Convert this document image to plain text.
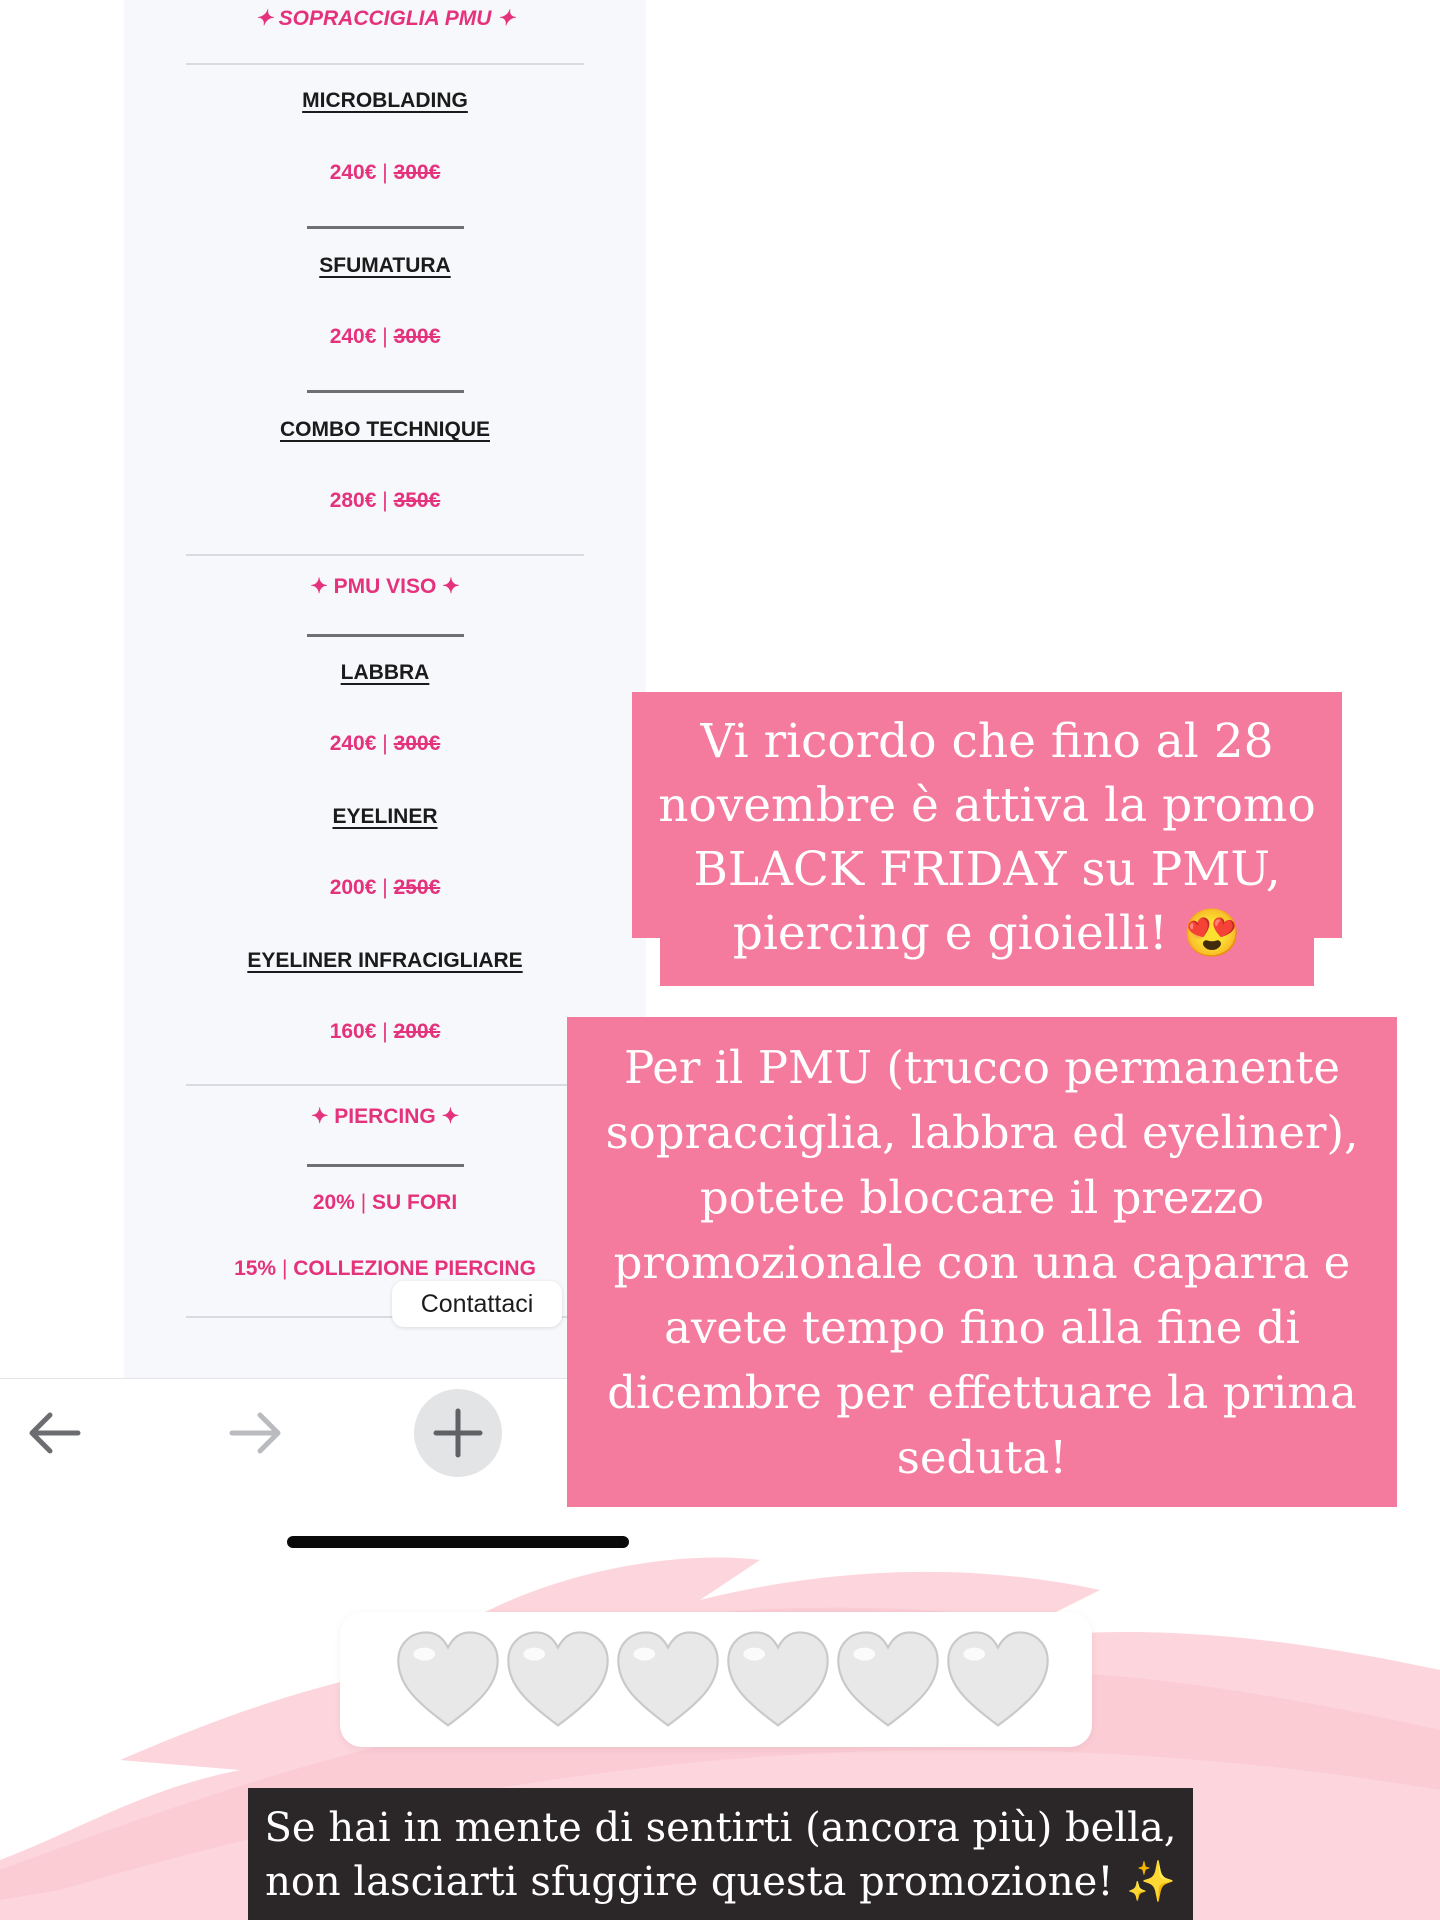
✦ SOPRACCIGLIA PMU ✦
MICROBLADING
240€ | 300€
SFUMATURA
240€ | 300€
COMBO TECHNIQUE
280€ | 350€
✦ PMU VISO ✦
LABBRA
240€ | 300€
EYELINER
200€ | 250€
EYELINER INFRACIGLIARE
160€ | 200€
✦ PIERCING ✦
20% | SU FORI
15% | COLLEZIONE PIERCING
Contattaci
Vi ricordo che fino al 28 novembre è attiva la promo BLACK FRIDAY su PMU, piercing e gioielli! 😍
Per il PMU (trucco permanente
sopracciglia, labbra ed eyeliner),
potete bloccare il prezzo
promozionale con una caparra e
avete tempo fino alla fine di
dicembre per effettuare la prima
seduta!
Se hai in mente di sentirti (ancora più) bella,
non lasciarti sfuggire questa promozione! ✨
